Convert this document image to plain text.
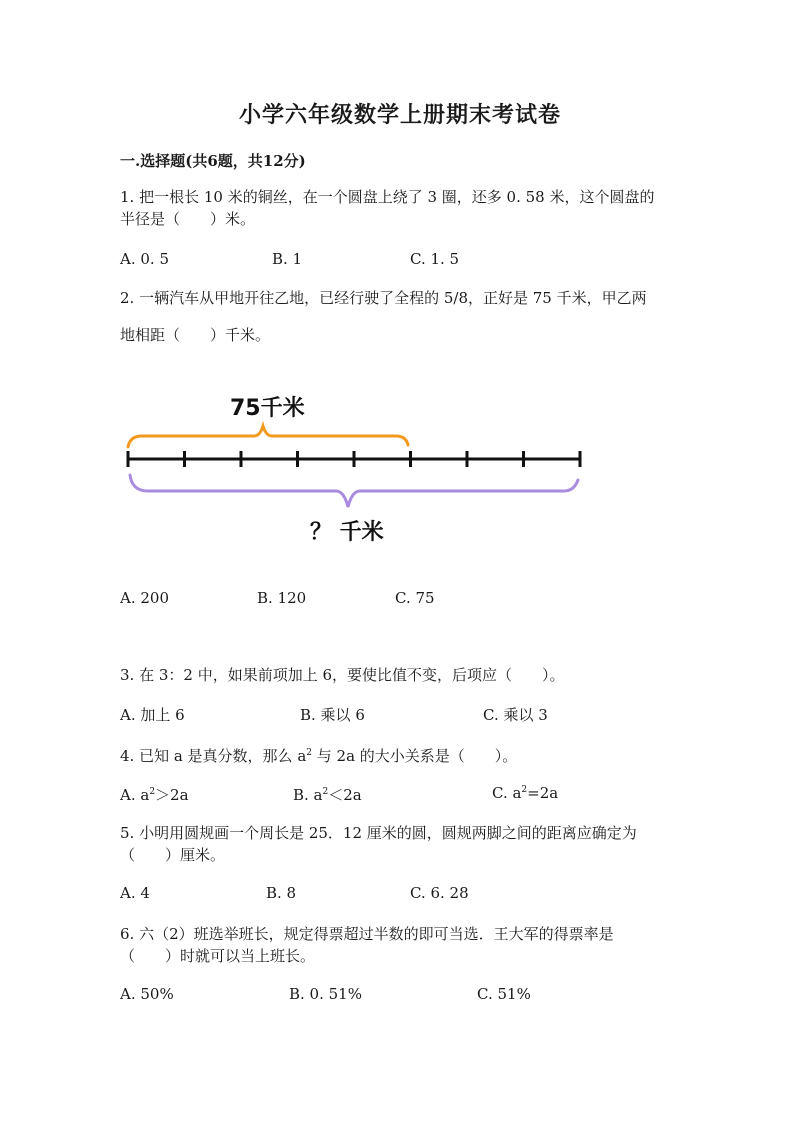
小学六年级数学上册期末考试卷
一.选择题(共6题，共12分)
1. 把一根长 10 米的铜丝，在一个圆盘上绕了 3 圈，还多 0. 58 米，这个圆盘的
半径是（　　）米。
A. 0. 5	B. 1	C. 1. 5
2. 一辆汽车从甲地开往乙地，已经行驶了全程的 5/8，正好是 75 千米，甲乙两
地相距（　　）千米。
75千米
？ 千米
A. 200	B. 120	C. 75
3. 在 3：2 中，如果前项加上 6，要使比值不变，后项应（　　）。
A. 加上 6	B. 乘以 6	C. 乘以 3
4. 已知 a 是真分数，那么 $a^2$ 与 2a 的大小关系是（　　）。
A. $a^2>2a$	B. $a^2<2a$	C. $a^2=2a$
5. 小明用圆规画一个周长是 25．12 厘米的圆，圆规两脚之间的距离应确定为
（　　）厘米。
A. 4	B. 8	C. 6. 28
6. 六（2）班选举班长，规定得票超过半数的即可当选．王大军的得票率是
（　　）时就可以当上班长。
A. 50%	B. 0. 51%	C. 51%
